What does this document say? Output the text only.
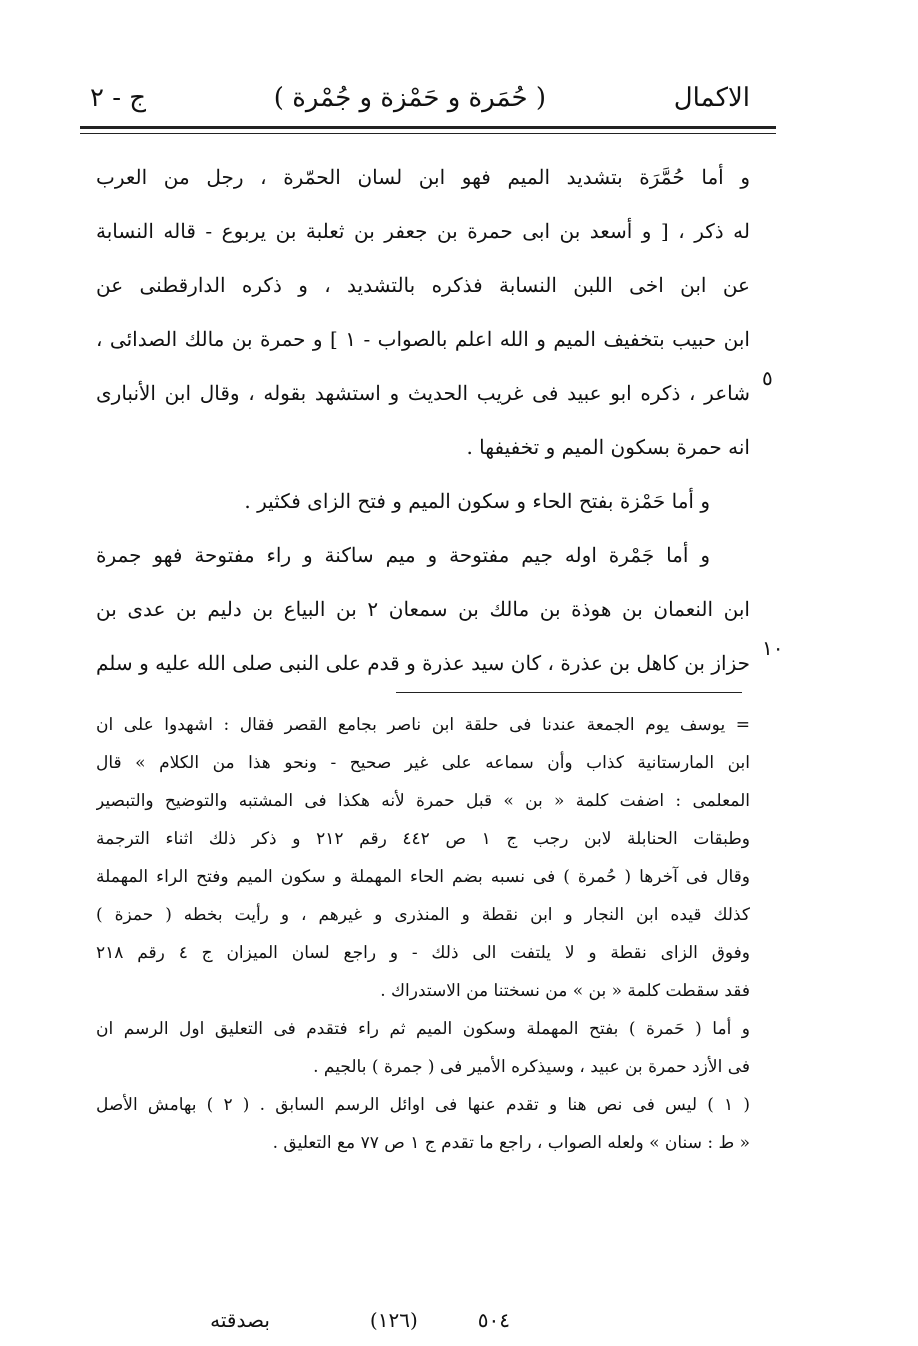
الاكمال
( حُمَرة و حَمْزة و جُمْرة )
ج - ٢
و أما حُمَّرَة بتشديد الميم فهو ابن لسان الحمّرة ، رجل من العرب
له ذكر ، [ و أسعد بن ابى حمرة بن جعفر بن ثعلبة بن يربوع - قاله النسابة
عن ابن اخى اللبن النسابة فذكره بالتشديد ، و ذكره الدارقطنى عن
ابن حبيب بتخفيف الميم و الله اعلم بالصواب - ١ ] و حمرة بن مالك الصدائى ،
شاعر ، ذكره ابو عبيد فى غريب الحديث و استشهد بقوله ، وقال ابن الأنبارى
انه حمرة بسكون الميم و تخفيفها .
و أما حَمْزة بفتح الحاء و سكون الميم و فتح الزاى فكثير .
و أما جَمْرة اوله جيم مفتوحة و ميم ساكنة و راء مفتوحة فهو جمرة
ابن النعمان بن هوذة بن مالك بن سمعان ٢ بن البياع بن دليم بن عدى بن
حزاز بن كاهل بن عذرة ، كان سيد عذرة و قدم على النبى صلى الله عليه و سلم
٥
١٠
= يوسف يوم الجمعة عندنا فى حلقة ابن ناصر بجامع القصر فقال : اشهدوا على ان
ابن المارستانية كذاب وأن سماعه على غير صحيح - ونحو هذا من الكلام » قال
المعلمى : اضفت كلمة « بن » قبل حمرة لأنه هكذا فى المشتبه والتوضيح والتبصير
وطبقات الحنابلة لابن رجب ج ١ ص ٤٤٢ رقم ٢١٢ و ذكر ذلك اثناء الترجمة
وقال فى آخرها ( حُمرة ) فى نسبه بضم الحاء المهملة و سكون الميم وفتح الراء المهملة
كذلك قيده ابن النجار و ابن نقطة و المنذرى و غيرهم ، و رأيت بخطه ( حمزة )
وفوق الزاى نقطة و لا يلتفت الى ذلك - و راجع لسان الميزان ج ٤ رقم ٢١٨
فقد سقطت كلمة « بن » من نسختنا من الاستدراك .
و أما ( حَمرة ) بفتح المهملة وسكون الميم ثم راء فتقدم فى التعليق اول الرسم ان
فى الأزد حمرة بن عبيد ، وسيذكره الأمير فى ( جمرة ) بالجيم .
( ١ ) ليس فى نص هنا و تقدم عنها فى اوائل الرسم السابق . ( ٢ ) بهامش الأصل
« ط : سنان » ولعله الصواب ، راجع ما تقدم ج ١ ص ٧٧ مع التعليق .
٥٠٤
(١٢٦)
بصدقته
